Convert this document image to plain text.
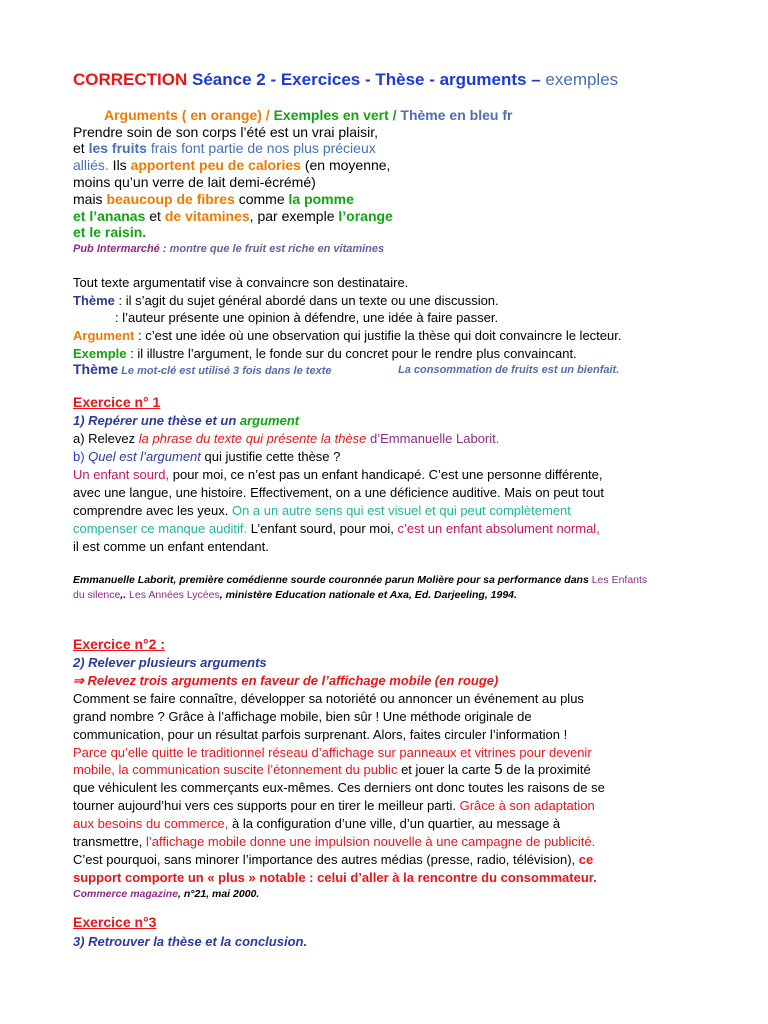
CORRECTION Séance 2 - Exercices - Thèse - arguments – exemples
Arguments ( en orange) / Exemples en vert / Thème en bleu fr
Prendre soin de son corps l’été est un vrai plaisir,
et les fruits frais font partie de nos plus précieux
alliés. Ils apportent peu de calories (en moyenne,
moins qu’un verre de lait demi-écrémé)
mais beaucoup de fibres comme la pomme
et l’ananas et de vitamines, par exemple l’orange
et le raisin.
Pub Intermarché : montre que le fruit est riche en vitamines
Tout texte argumentatif vise à convaincre son destinataire.
Thème : il s’agit du sujet général abordé dans un texte ou une discussion.
: l’auteur présente une opinion à défendre, une idée à faire passer.
Argument : c’est une idée où une observation qui justifie la thèse qui doit convaincre le lecteur.
Exemple : il illustre l’argument, le fonde sur du concret pour le rendre plus convaincant.
Thème Le mot-clé est utilisé 3 fois dans le texte	La consommation de fruits est un bienfait.
Exercice n° 1
1) Repérer une thèse et un argument
a) Relevez la phrase du texte qui présente la thèse d’Emmanuelle Laborit.
b) Quel est l’argument qui justifie cette thèse ?
Un enfant sourd, pour moi, ce n’est pas un enfant handicapé. C’est une personne différente,
avec une langue, une histoire. Effectivement, on a une déficience auditive. Mais on peut tout
comprendre avec les yeux. On a un autre sens qui est visuel et qui peut complètement
compenser ce manque auditif. L’enfant sourd, pour moi, c’est un enfant absolument normal,
il est comme un enfant entendant.
Emmanuelle Laborit, première comédienne sourde couronnée parun Molière pour sa performance dans Les Enfants
du silence,. Les Années Lycées, ministère Education nationale et Axa, Ed. Darjeeling, 1994.
Exercice n°2 :
2) Relever plusieurs arguments
⇒ Relevez trois arguments en faveur de l’affichage mobile (en rouge)
Comment se faire connaître, développer sa notoriété ou annoncer un événement au plus
grand nombre ? Grâce à l’affichage mobile, bien sûr ! Une méthode originale de
communication, pour un résultat parfois surprenant. Alors, faites circuler l’information !
Parce qu’elle quitte le traditionnel réseau d’affichage sur panneaux et vitrines pour devenir
mobile, la communication suscite l’étonnement du public et jouer la carte 5 de la proximité
que véhiculent les commerçants eux-mêmes. Ces derniers ont donc toutes les raisons de se
tourner aujourd’hui vers ces supports pour en tirer le meilleur parti. Grâce à son adaptation
aux besoins du commerce, à la configuration d’une ville, d’un quartier, au message à
transmettre, l’affichage mobile donne une impulsion nouvelle à une campagne de publicité.
C’est pourquoi, sans minorer l’importance des autres médias (presse, radio, télévision), ce
support comporte un « plus » notable : celui d’aller à la rencontre du consommateur.
Commerce magazine, n°21, mai 2000.
Exercice n°3
3) Retrouver la thèse et la conclusion.
